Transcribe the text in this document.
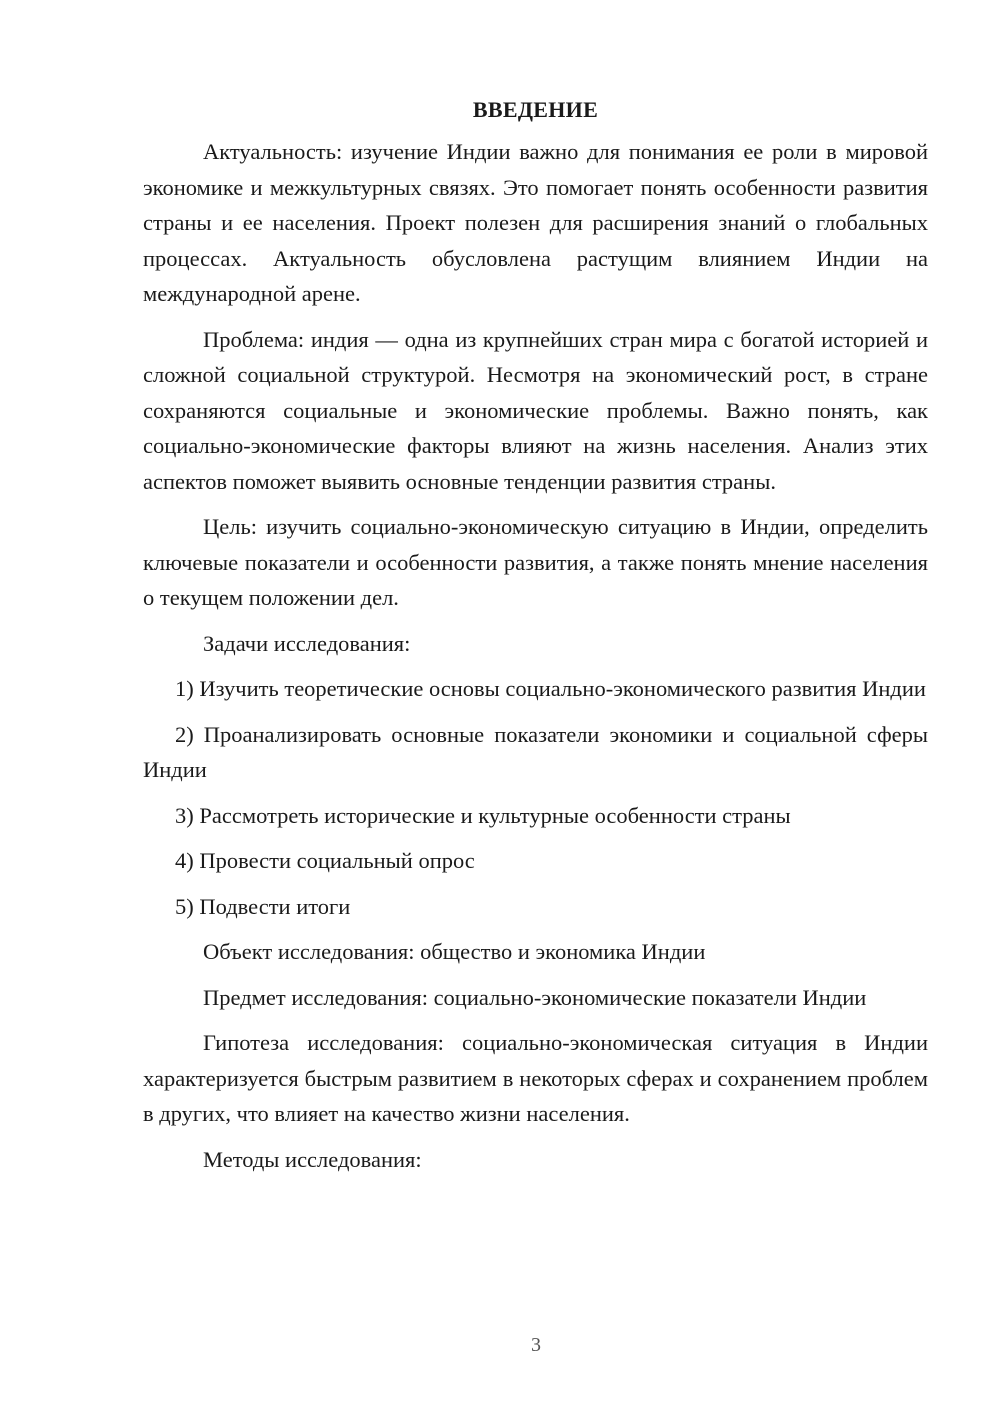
ВВЕДЕНИЕ

Актуальность: изучение Индии важно для понимания ее роли в мировой экономике и межкультурных связях. Это помогает понять особенности развития страны и ее населения. Проект полезен для расширения знаний о глобальных процессах. Актуальность обусловлена растущим влиянием Индии на международной арене.

Проблема: индия — одна из крупнейших стран мира с богатой историей и сложной социальной структурой. Несмотря на экономический рост, в стране сохраняются социальные и экономические проблемы. Важно понять, как социально-экономические факторы влияют на жизнь населения. Анализ этих аспектов поможет выявить основные тенденции развития страны.

Цель: изучить социально-экономическую ситуацию в Индии, определить ключевые показатели и особенности развития, а также понять мнение населения о текущем положении дел.

Задачи исследования:

1) Изучить теоретические основы социально-экономического развития Индии

2) Проанализировать основные показатели экономики и социальной сферы Индии

3) Рассмотреть исторические и культурные особенности страны

4) Провести социальный опрос

5) Подвести итоги

Объект исследования: общество и экономика Индии

Предмет исследования: социально-экономические показатели Индии

Гипотеза исследования: социально-экономическая ситуация в Индии характеризуется быстрым развитием в некоторых сферах и сохранением проблем в других, что влияет на качество жизни населения.

Методы исследования:

3
